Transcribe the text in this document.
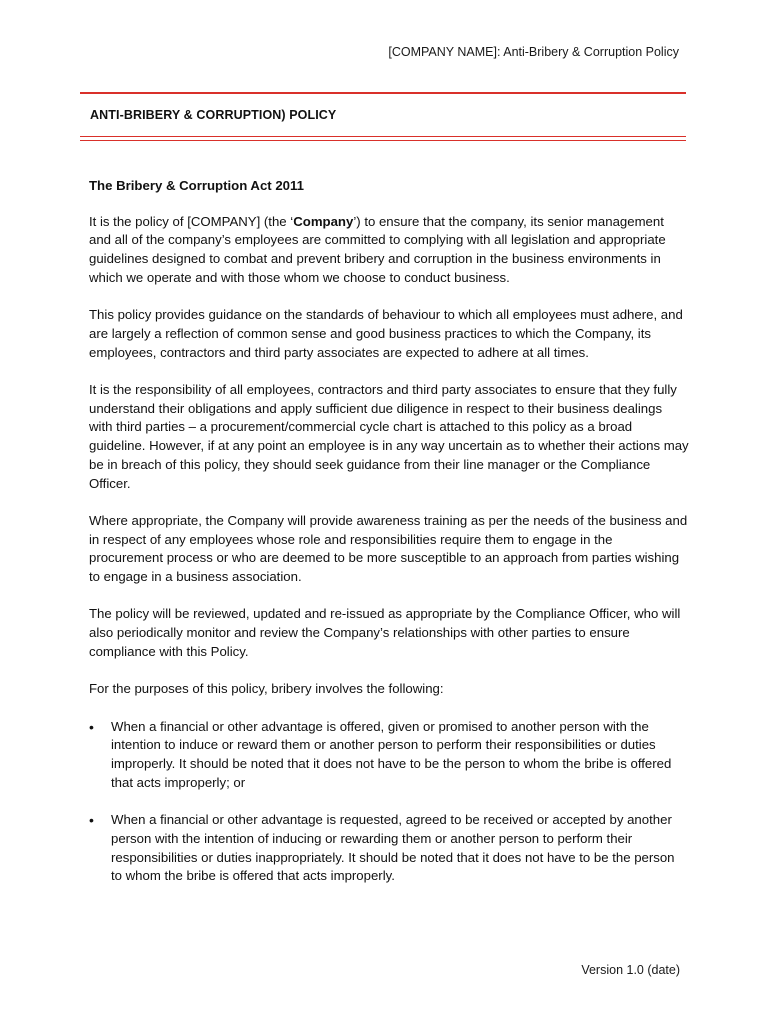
[COMPANY NAME]: Anti-Bribery & Corruption Policy
ANTI-BRIBERY & CORRUPTION) POLICY
The Bribery & Corruption Act 2011

It is the policy of [COMPANY] (the ‘Company’) to ensure that the company, its senior management and all of the company’s employees are committed to complying with all legislation and appropriate guidelines designed to combat and prevent bribery and corruption in the business environments in which we operate and with those whom we choose to conduct business.

This policy provides guidance on the standards of behaviour to which all employees must adhere, and are largely a reflection of common sense and good business practices to which the Company, its employees, contractors and third party associates are expected to adhere at all times.

It is the responsibility of all employees, contractors and third party associates to ensure that they fully understand their obligations and apply sufficient due diligence in respect to their business dealings with third parties – a procurement/commercial cycle chart is attached to this policy as a broad guideline. However, if at any point an employee is in any way uncertain as to whether their actions may be in breach of this policy, they should seek guidance from their line manager or the Compliance Officer.

Where appropriate, the Company will provide awareness training as per the needs of the business and in respect of any employees whose role and responsibilities require them to engage in the procurement process or who are deemed to be more susceptible to an approach from parties wishing to engage in a business association.

The policy will be reviewed, updated and re-issued as appropriate by the Compliance Officer, who will also periodically monitor and review the Company’s relationships with other parties to ensure compliance with this Policy.

For the purposes of this policy, bribery involves the following:

• When a financial or other advantage is offered, given or promised to another person with the intention to induce or reward them or another person to perform their responsibilities or duties improperly. It should be noted that it does not have to be the person to whom the bribe is offered that acts improperly; or
• When a financial or other advantage is requested, agreed to be received or accepted by another person with the intention of inducing or rewarding them or another person to perform their responsibilities or duties inappropriately. It should be noted that it does not have to be the person to whom the bribe is offered that acts improperly.
Version 1.0 (date)
